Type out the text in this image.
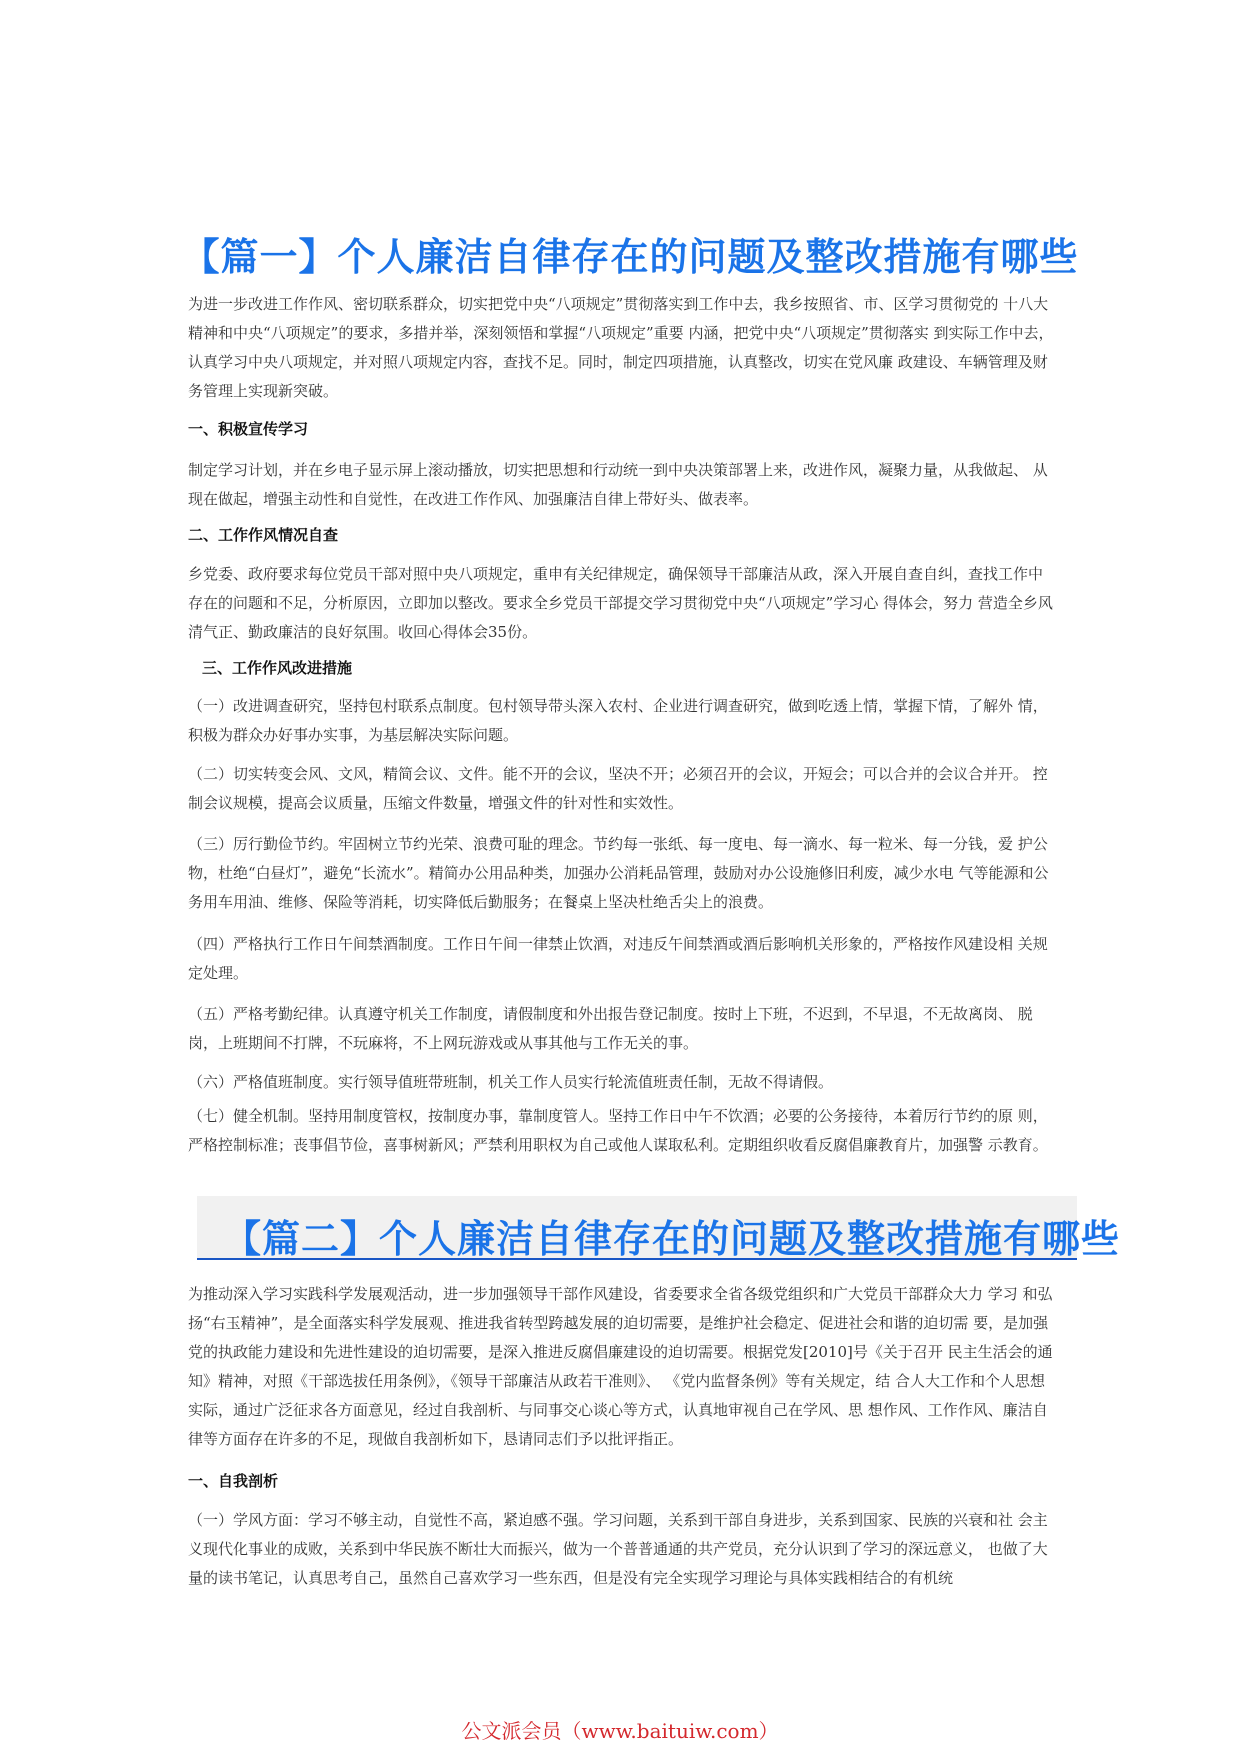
【篇一】个人廉洁自律存在的问题及整改措施有哪些
为进一步改进工作作风、密切联系群众，切实把党中央“八项规定”贯彻落实到工作中去，我乡按照省、市、区学习贯彻党的 十八大精神和中央“八项规定”的要求，多措并举，深刻领悟和掌握“八项规定”重要 内涵，把党中央“八项规定”贯彻落实 到实际工作中去，认真学习中央八项规定，并对照八项规定内容，查找不足。同时，制定四项措施，认真整改，切实在党风廉 政建设、车辆管理及财务管理上实现新突破。
一、积极宣传学习
制定学习计划，并在乡电子显示屏上滚动播放，切实把思想和行动统一到中央决策部署上来，改进作风，凝聚力量，从我做起、 从现在做起，增强主动性和自觉性，在改进工作作风、加强廉洁自律上带好头、做表率。
二、工作作风情况自查
乡党委、政府要求每位党员干部对照中央八项规定，重申有关纪律规定，确保领导干部廉洁从政，深入开展自查自纠，查找工作中存在的问题和不足，分析原因，立即加以整改。要求全乡党员干部提交学习贯彻党中央“八项规定”学习心 得体会，努力 营造全乡风清气正、勤政廉洁的良好氛围。收回心得体会35份。
三、工作作风改进措施
（一）改进调查研究，坚持包村联系点制度。包村领导带头深入农村、企业进行调查研究，做到吃透上情，掌握下情，了解外 情，积极为群众办好事办实事，为基层解决实际问题。
（二）切实转变会风、文风，精简会议、文件。能不开的会议，坚决不开；必须召开的会议，开短会；可以合并的会议合并开。 控制会议规模，提高会议质量，压缩文件数量，增强文件的针对性和实效性。
（三）厉行勤俭节约。牢固树立节约光荣、浪费可耻的理念。节约每一张纸、每一度电、每一滴水、每一粒米、每一分钱，爱 护公物，杜绝“白昼灯”，避免“长流水”。精简办公用品种类，加强办公消耗品管理，鼓励对办公设施修旧利废，减少水电 气等能源和公务用车用油、维修、保险等消耗，切实降低后勤服务；在餐桌上坚决杜绝舌尖上的浪费。
（四）严格执行工作日午间禁酒制度。工作日午间一律禁止饮酒，对违反午间禁酒或酒后影响机关形象的，严格按作风建设相 关规定处理。
（五）严格考勤纪律。认真遵守机关工作制度，请假制度和外出报告登记制度。按时上下班，不迟到，不早退，不无故离岗、 脱岗，上班期间不打牌，不玩麻将，不上网玩游戏或从事其他与工作无关的事。
（六）严格值班制度。实行领导值班带班制，机关工作人员实行轮流值班责任制，无故不得请假。
（七）健全机制。坚持用制度管权，按制度办事，靠制度管人。坚持工作日中午不饮酒；必要的公务接待，本着厉行节约的原 则，严格控制标准；丧事倡节俭，喜事树新风；严禁利用职权为自己或他人谋取私利。定期组织收看反腐倡廉教育片，加强警 示教育。
【篇二】个人廉洁自律存在的问题及整改措施有哪些
为推动深入学习实践科学发展观活动，进一步加强领导干部作风建设，省委要求全省各级党组织和广大党员干部群众大力 学习 和弘扬“右玉精神”，是全面落实科学发展观、推进我省转型跨越发展的迫切需要，是维护社会稳定、促进社会和谐的迫切需 要，是加强党的执政能力建设和先进性建设的迫切需要，是深入推进反腐倡廉建设的迫切需要。根据党发[2010]号《关于召开 民主生活会的通知》精神，对照《干部选拔任用条例》，《领导干部廉洁从政若干准则》、 《党内监督条例》等有关规定，结 合人大工作和个人思想实际，通过广泛征求各方面意见，经过自我剖析、与同事交心谈心等方式，认真地审视自己在学风、思 想作风、工作作风、廉洁自律等方面存在许多的不足，现做自我剖析如下，恳请同志们予以批评指正。
一、自我剖析
（一）学风方面：学习不够主动，自觉性不高，紧迫感不强。学习问题，关系到干部自身进步，关系到国家、民族的兴衰和社 会主义现代化事业的成败，关系到中华民族不断壮大而振兴，做为一个普普通通的共产党员，充分认识到了学习的深远意义， 也做了大量的读书笔记，认真思考自己，虽然自己喜欢学习一些东西，但是没有完全实现学习理论与具体实践相结合的有机统
公文派会员（www.baituiw.com）
